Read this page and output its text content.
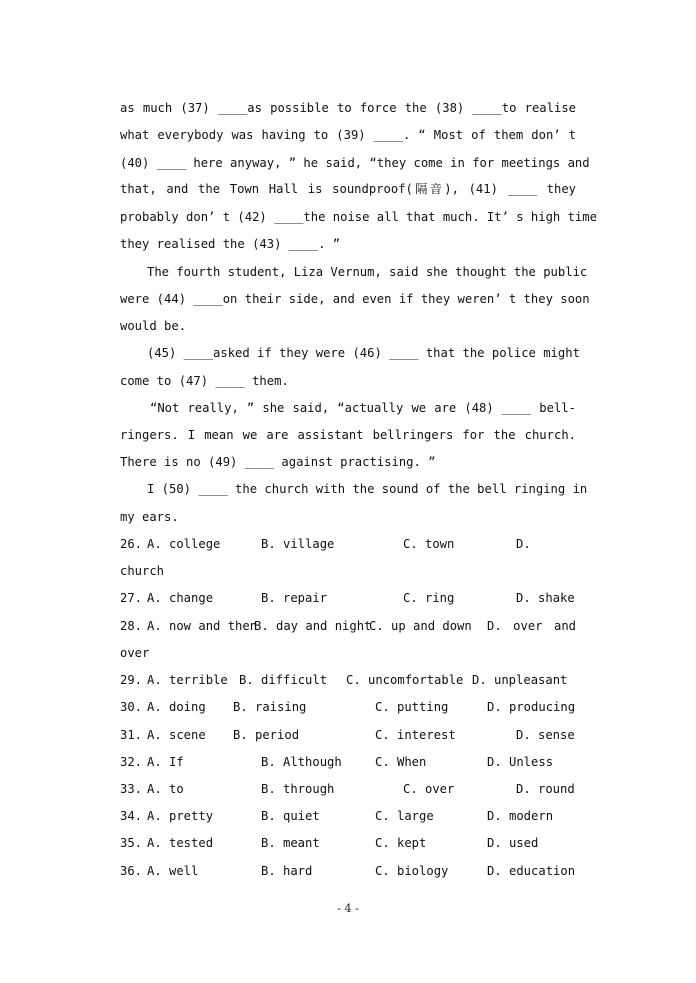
as much (37) ____as possible to force the (38) ____to realise
what everybody was having to (39) ____. “ Most of them don’ t
(40) ____ here anyway, ” he said, “they come in for meetings and
that, and the Town Hall is soundproof(隔音), (41) ____ they
probably don’ t (42) ____the noise all that much. It’ s high time
they realised the (43) ____. ”
The fourth student, Liza Vernum, said she thought the public
were (44) ____on their side, and even if they weren’ t they soon
would be.
(45) ____asked if they were (46) ____ that the police might
come to (47) ____ them.
“Not really, ” she said, “actually we are (48) ____ bell-
ringers. I mean we are assistant bellringers for the church.
There is no (49) ____ against practising. ”
I (50) ____ the church with the sound of the bell ringing in
my ears.
26. A. college	B. village	C. town	D.
church
27. A. change	B. repair	C. ring	D. shake
28. A. now and then
B. day and night
C. up and down D. over and
over
29. A. terrible B. difficult C. uncomfortable D. unpleasant
30. A. doing B. raising	C. putting	D. producing
31. A. scene B. period	C. interest	D. sense
32. A. If	B. Although	C. When	D. Unless
33. A. to	B. through	C. over	D. round
34. A. pretty	B. quiet	C. large	D. modern
35. A. tested	B. meant	C. kept	D. used
36. A. well	B. hard	C. biology	D. education
- 4 -
